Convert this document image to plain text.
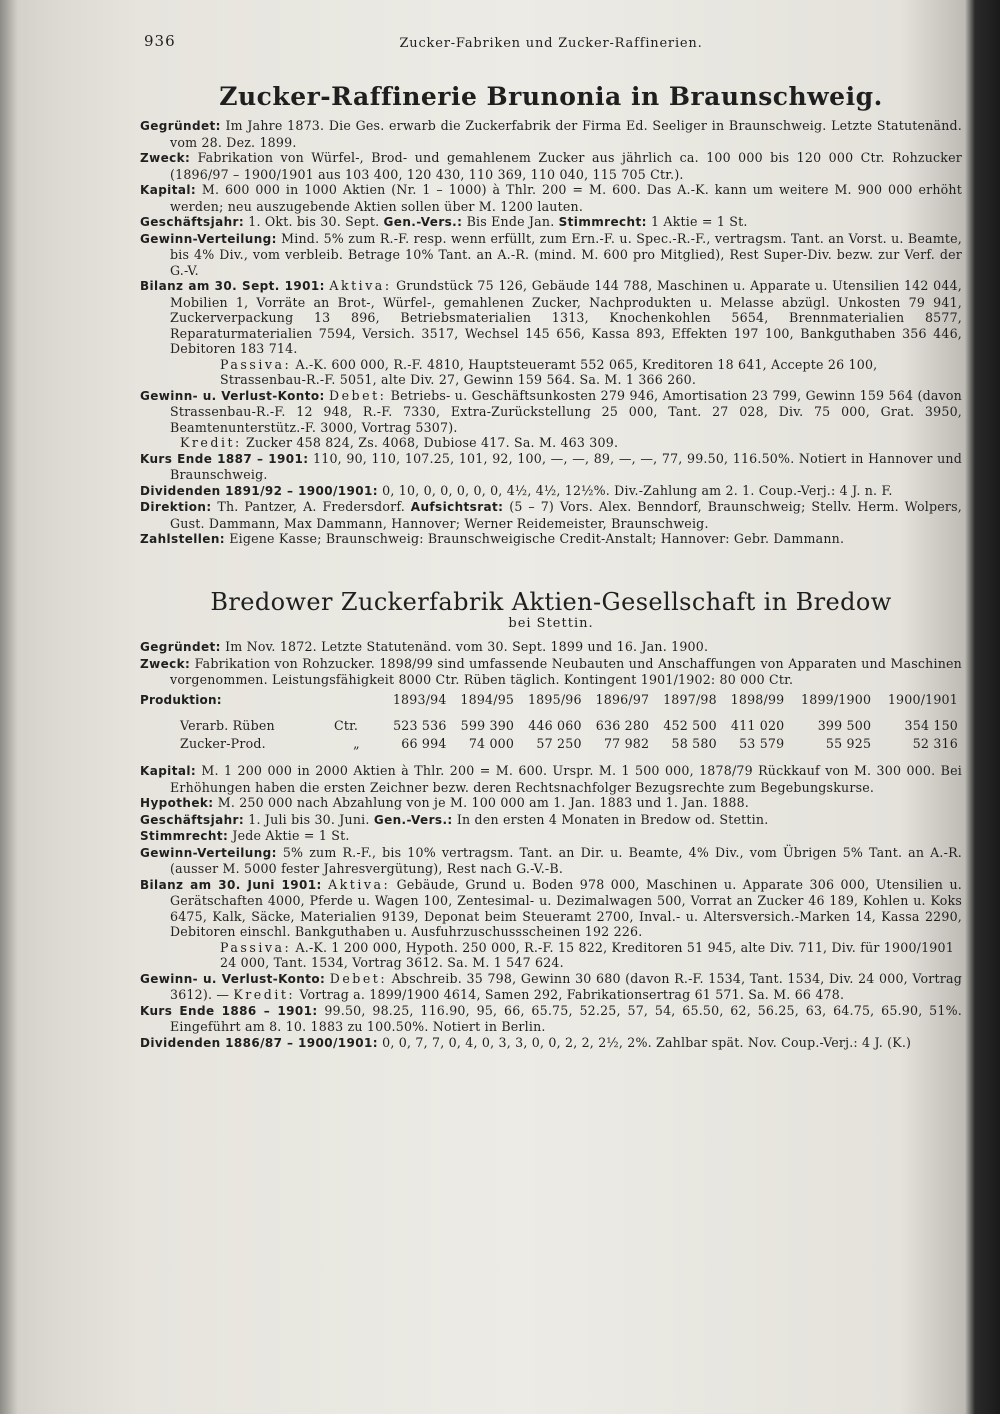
936	Zucker-Fabriken und Zucker-Raffinerien.
Zucker-Raffinerie Brunonia in Braunschweig.

Gegründet: Im Jahre 1873. Die Ges. erwarb die Zuckerfabrik der Firma Ed. Seeliger in Braunschweig. Letzte Statutenänd. vom 28. Dez. 1899.

Zweck: Fabrikation von Würfel-, Brod- und gemahlenem Zucker aus jährlich ca. 100 000 bis 120 000 Ctr. Rohzucker (1896/97 – 1900/1901 aus 103 400, 120 430, 110 369, 110 040, 115 705 Ctr.).

Kapital: M. 600 000 in 1000 Aktien (Nr. 1 – 1000) à Thlr. 200 = M. 600. Das A.-K. kann um weitere M. 900 000 erhöht werden; neu auszugebende Aktien sollen über M. 1200 lauten.

Geschäftsjahr: 1. Okt. bis 30. Sept. Gen.-Vers.: Bis Ende Jan. Stimmrecht: 1 Aktie = 1 St.

Gewinn-Verteilung: Mind. 5% zum R.-F. resp. wenn erfüllt, zum Ern.-F. u. Spec.-R.-F., vertragsm. Tant. an Vorst. u. Beamte, bis 4% Div., vom verbleib. Betrage 10% Tant. an A.-R. (mind. M. 600 pro Mitglied), Rest Super-Div. bezw. zur Verf. der G.-V.

Bilanz am 30. Sept. 1901: Aktiva: Grundstück 75 126, Gebäude 144 788, Maschinen u. Apparate u. Utensilien 142 044, Mobilien 1, Vorräte an Brot-, Würfel-, gemahlenen Zucker, Nachprodukten u. Melasse abzügl. Unkosten 79 941, Zuckerverpackung 13 896, Betriebsmaterialien 1313, Knochenkohlen 5654, Brennmaterialien 8577, Reparaturmaterialien 7594, Versich. 3517, Wechsel 145 656, Kassa 893, Effekten 197 100, Bankguthaben 356 446, Debitoren 183 714.

Passiva: A.-K. 600 000, R.-F. 4810, Hauptsteueramt 552 065, Kreditoren 18 641, Accepte 26 100, Strassenbau-R.-F. 5051, alte Div. 27, Gewinn 159 564. Sa. M. 1 366 260.

Gewinn- u. Verlust-Konto: Debet: Betriebs- u. Geschäftsunkosten 279 946, Amortisation 23 799, Gewinn 159 564 (davon Strassenbau-R.-F. 12 948, R.-F. 7330, Extra-Zurückstellung 25 000, Tant. 27 028, Div. 75 000, Grat. 3950, Beamtenunterstütz.-F. 3000, Vortrag 5307).

Kredit: Zucker 458 824, Zs. 4068, Dubiose 417. Sa. M. 463 309.

Kurs Ende 1887 – 1901: 110, 90, 110, 107.25, 101, 92, 100, —, —, 89, —, —, 77, 99.50, 116.50%. Notiert in Hannover und Braunschweig.

Dividenden 1891/92 – 1900/1901: 0, 10, 0, 0, 0, 0, 0, 4½, 4½, 12½%. Div.-Zahlung am 2. 1. Coup.-Verj.: 4 J. n. F.

Direktion: Th. Pantzer, A. Fredersdorf. Aufsichtsrat: (5 – 7) Vors. Alex. Benndorf, Braunschweig; Stellv. Herm. Wolpers, Gust. Dammann, Max Dammann, Hannover; Werner Reidemeister, Braunschweig.

Zahlstellen: Eigene Kasse; Braunschweig: Braunschweigische Credit-Anstalt; Hannover: Gebr. Dammann.

Bredower Zuckerfabrik Aktien-Gesellschaft in Bredow
bei Stettin.

Gegründet: Im Nov. 1872. Letzte Statutenänd. vom 30. Sept. 1899 und 16. Jan. 1900.

Zweck: Fabrikation von Rohzucker. 1898/99 sind umfassende Neubauten und Anschaffungen von Apparaten und Maschinen vorgenommen. Leistungsfähigkeit 8000 Ctr. Rüben täglich. Kontingent 1901/1902: 80 000 Ctr.

Produktion:		1893/94	1894/95	1895/96	1896/97	1897/98	1898/99	1899/1900	1900/1901

Verarb. Rüben	Ctr.	523 536	599 390	446 060	636 280	452 500	411 020	399 500	354 150
Zucker-Prod.	„	66 994	74 000	57 250	77 982	58 580	53 579	55 925	52 316

Kapital: M. 1 200 000 in 2000 Aktien à Thlr. 200 = M. 600. Urspr. M. 1 500 000, 1878/79 Rückkauf von M. 300 000. Bei Erhöhungen haben die ersten Zeichner bezw. deren Rechtsnachfolger Bezugsrechte zum Begebungskurse.

Hypothek: M. 250 000 nach Abzahlung von je M. 100 000 am 1. Jan. 1883 und 1. Jan. 1888.

Geschäftsjahr: 1. Juli bis 30. Juni. Gen.-Vers.: In den ersten 4 Monaten in Bredow od. Stettin.

Stimmrecht: Jede Aktie = 1 St.

Gewinn-Verteilung: 5% zum R.-F., bis 10% vertragsm. Tant. an Dir. u. Beamte, 4% Div., vom Übrigen 5% Tant. an A.-R. (ausser M. 5000 fester Jahresvergütung), Rest nach G.-V.-B.

Bilanz am 30. Juni 1901: Aktiva: Gebäude, Grund u. Boden 978 000, Maschinen u. Apparate 306 000, Utensilien u. Gerätschaften 4000, Pferde u. Wagen 100, Zentesimal- u. Dezimalwagen 500, Vorrat an Zucker 46 189, Kohlen u. Koks 6475, Kalk, Säcke, Materialien 9139, Deponat beim Steueramt 2700, Inval.- u. Altersversich.-Marken 14, Kassa 2290, Debitoren einschl. Bankguthaben u. Ausfuhrzuschussscheinen 192 226.

Passiva: A.-K. 1 200 000, Hypoth. 250 000, R.-F. 15 822, Kreditoren 51 945, alte Div. 711, Div. für 1900/1901 24 000, Tant. 1534, Vortrag 3612. Sa. M. 1 547 624.

Gewinn- u. Verlust-Konto: Debet: Abschreib. 35 798, Gewinn 30 680 (davon R.-F. 1534, Tant. 1534, Div. 24 000, Vortrag 3612). — Kredit: Vortrag a. 1899/1900 4614, Samen 292, Fabrikationsertrag 61 571. Sa. M. 66 478.

Kurs Ende 1886 – 1901: 99.50, 98.25, 116.90, 95, 66, 65.75, 52.25, 57, 54, 65.50, 62, 56.25, 63, 64.75, 65.90, 51%. Eingeführt am 8. 10. 1883 zu 100.50%. Notiert in Berlin.

Dividenden 1886/87 – 1900/1901: 0, 0, 7, 7, 0, 4, 0, 3, 3, 0, 0, 2, 2, 2½, 2%. Zahlbar spät. Nov. Coup.-Verj.: 4 J. (K.)
